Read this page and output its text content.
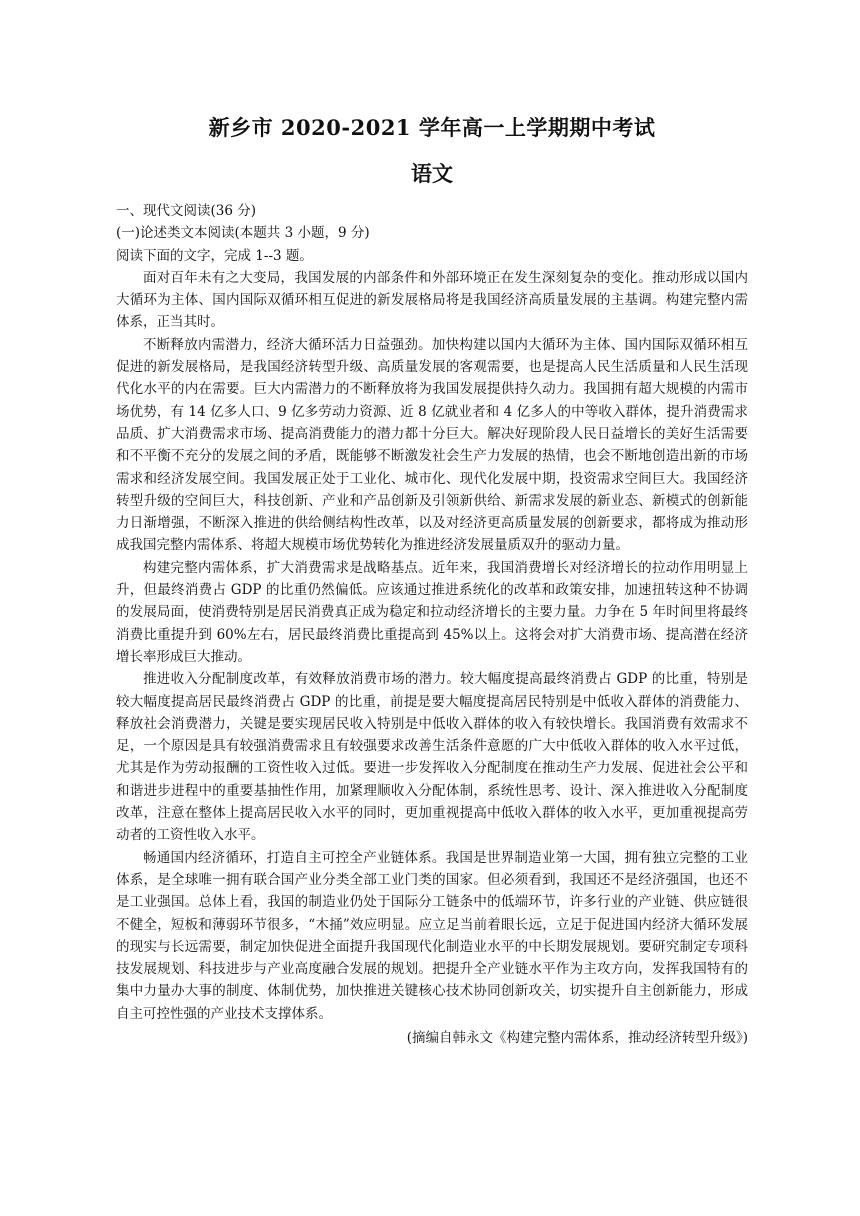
新乡市 2020-2021 学年高一上学期期中考试
语文

一、现代文阅读(36 分)

(一)论述类文本阅读(本题共 3 小题，9 分)

阅读下面的文字，完成 1--3 题。

面对百年未有之大变局，我国发展的内部条件和外部环境正在发生深刻复杂的变化。推动形成以国内大循环为主体、国内国际双循环相互促进的新发展格局将是我国经济高质量发展的主基调。构建完整内需体系，正当其时。

不断释放内需潜力，经济大循环活力日益强劲。加快构建以国内大循环为主体、国内国际双循环相互促进的新发展格局，是我国经济转型升级、高质量发展的客观需要，也是提高人民生活质量和人民生活现代化水平的内在需要。巨大内需潜力的不断释放将为我国发展提供持久动力。我国拥有超大规模的内需市场优势，有 14 亿多人口、9 亿多劳动力资源、近 8 亿就业者和 4 亿多人的中等收入群体，提升消费需求品质、扩大消费需求市场、提高消费能力的潜力都十分巨大。解决好现阶段人民日益增长的美好生活需要和不平衡不充分的发展之间的矛盾，既能够不断激发社会生产力发展的热情，也会不断地创造出新的市场需求和经济发展空间。我国发展正处于工业化、城市化、现代化发展中期，投资需求空间巨大。我国经济转型升级的空间巨大，科技创新、产业和产品创新及引领新供给、新需求发展的新业态、新模式的创新能力日渐增强，不断深入推进的供给侧结构性改革，以及对经济更高质量发展的创新要求，都将成为推动形成我国完整内需体系、将超大规模市场优势转化为推进经济发展量质双升的驱动力量。

构建完整内需体系，扩大消费需求是战略基点。近年来，我国消费增长对经济增长的拉动作用明显上升，但最终消费占 GDP 的比重仍然偏低。应该通过推进系统化的改革和政策安排，加速扭转这种不协调的发展局面，使消费特别是居民消费真正成为稳定和拉动经济增长的主要力量。力争在 5 年时间里将最终消费比重提升到 60%左右，居民最终消费比重提高到 45%以上。这将会对扩大消费市场、提高潜在经济增长率形成巨大推动。

推进收入分配制度改革，有效释放消费市场的潜力。较大幅度提高最终消费占 GDP 的比重，特别是较大幅度提高居民最终消费占 GDP 的比重，前提是要大幅度提高居民特别是中低收入群体的消费能力、释放社会消费潜力，关键是要实现居民收入特别是中低收入群体的收入有较快增长。我国消费有效需求不足，一个原因是具有较强消费需求且有较强要求改善生活条件意愿的广大中低收入群体的收入水平过低，尤其是作为劳动报酬的工资性收入过低。要进一步发挥收入分配制度在推动生产力发展、促进社会公平和和谐进步进程中的重要基抽性作用，加紧理顺收入分配体制，系统性思考、设计、深入推进收入分配制度改革，注意在整体上提高居民收入水平的同时，更加重视提高中低收入群体的收入水平，更加重视提高劳动者的工资性收入水平。

畅通国内经济循环，打造自主可控全产业链体系。我国是世界制造业第一大国，拥有独立完整的工业体系，是全球唯一拥有联合国产业分类全部工业门类的国家。但必须看到，我国还不是经济强国，也还不是工业强国。总体上看，我国的制造业仍处于国际分工链条中的低端环节，许多行业的产业链、供应链很不健全，短板和薄弱环节很多，“木捅”效应明显。应立足当前着眼长远，立足于促进国内经济大循环发展的现实与长远需要，制定加快促进全面提升我国现代化制造业水平的中长期发展规划。要研究制定专项科技发展规划、科技进步与产业高度融合发展的规划。把提升全产业链水平作为主攻方向，发挥我国特有的集中力量办大事的制度、体制优势，加快推进关键核心技术协同创新攻关，切实提升自主创新能力，形成自主可控性强的产业技术支撑体系。

(摘编自韩永文《构建完整内需体系，推动经济转型升级》)
